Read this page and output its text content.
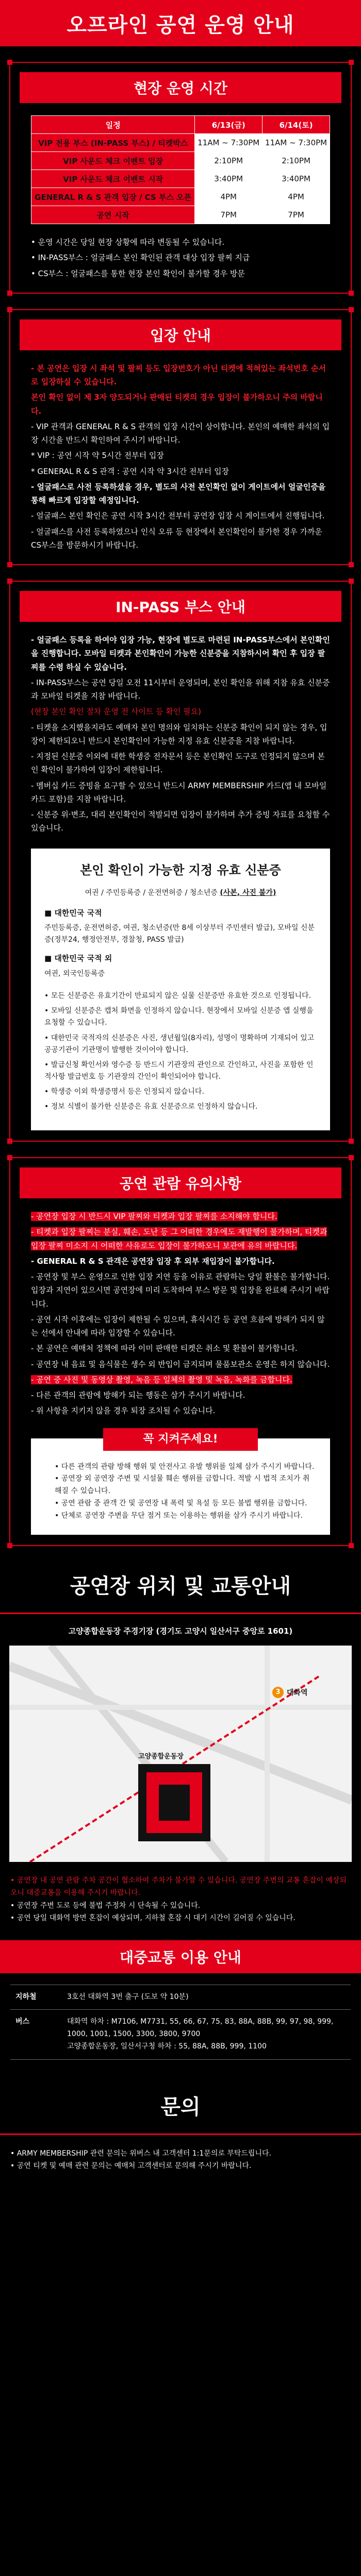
오프라인 공연 운영 안내
현장 운영 시간
일정	6/13(금)	6/14(토)
VIP 전용 부스 (IN-PASS 부스) / 티켓박스	11AM ~ 7:30PM	11AM ~ 7:30PM
VIP 사운드 체크 이벤트 입장	2:10PM	2:10PM
VIP 사운드 체크 이벤트 시작	3:40PM	3:40PM
GENERAL R & S 관객 입장 / CS 부스 오픈	4PM	4PM
공연 시작	7PM	7PM

• 운영 시간은 당일 현장 상황에 따라 변동될 수 있습니다.

• IN-PASS부스 : 얼굴패스 본인 확인된 관객 대상 입장 팔찌 지급

• CS부스 : 얼굴패스를 통한 현장 본인 확인이 불가할 경우 방문

입장 안내

- 본 공연은 입장 시 좌석 및 팔찌 등도 입장번호가 아닌 티켓에 적혀있는 좌석번호 순서로 입장하실 수 있습니다.

본인 확인 없이 제 3자 양도되거나 판매된 티켓의 경우 입장이 불가하오니 주의 바랍니다.

- VIP 관객과 GENERAL R & S 관객의 입장 시간이 상이합니다. 본인의 예매한 좌석의 입장 시간을 반드시 확인하여 주시기 바랍니다.

* VIP : 공연 시작 약 5시간 전부터 입장

* GENERAL R & S 관객 : 공연 시작 약 3시간 전부터 입장

- 얼굴패스로 사전 등록하셨을 경우, 별도의 사전 본인확인 없이 게이트에서 얼굴인증을 통해 빠르게 입장할 예정입니다.

- 얼굴패스 본인 확인은 공연 시작 3시간 전부터 공연장 입장 시 게이트에서 진행됩니다.

- 얼굴패스를 사전 등록하였으나 인식 오류 등 현장에서 본인확인이 불가한 경우 가까운 CS부스를 방문하시기 바랍니다.

IN-PASS 부스 안내

- 얼굴패스 등록을 하여야 입장 가능, 현장에 별도로 마련된 IN-PASS부스에서 본인확인을 진행합니다. 모바일 티켓과 본인확인이 가능한 신분증을 지참하시어 확인 후 입장 팔찌를 수령 하실 수 있습니다.

- IN-PASS부스는 공연 당일 오전 11시부터 운영되며, 본인 확인을 위해 지참 유효 신분증과 모바일 티켓을 지참 바랍니다.

(현장 본인 확인 절차 운영 전 사이트 등 확인 필요)

- 티켓을 소지했을지라도 예매자 본인 명의와 일치하는 신분증 확인이 되지 않는 경우, 입장이 제한되오니 반드시 본인확인이 가능한 지정 유효 신분증을 지참 바랍니다.

- 지정된 신분증 이외에 대한 학생증 전자문서 등은 본인확인 도구로 인정되지 않으며 본인 확인이 불가하여 입장이 제한됩니다.

- 멤버십 카드 증빙을 요구할 수 있으니 반드시 ARMY MEMBERSHIP 카드(앱 내 모바일 카드 포함)를 지참 바랍니다.

- 신분증 위·변조, 대리 본인확인이 적발되면 입장이 불가하며 추가 증빙 자료를 요청할 수 있습니다.

본인 확인이 가능한 지정 유효 신분증
여권 / 주민등록증 / 운전면허증 / 청소년증 (사본, 사진 불가)

■ 대한민국 국적

주민등록증, 운전면허증, 여권, 청소년증(만 8세 이상부터 주민센터 발급), 모바일 신분증(정부24, 행정안전부, 경찰청, PASS 발급)

■ 대한민국 국적 외

여권, 외국인등록증

• 모든 신분증은 유효기간이 만료되지 않은 실물 신분증만 유효한 것으로 인정됩니다.

• 모바일 신분증은 캡처 화면을 인정하지 않습니다. 현장에서 모바일 신분증 앱 실행을 요청할 수 있습니다.

• 대한민국 국적자의 신분증은 사진, 생년월일(8자리), 성명이 명확하며 기재되어 있고 공공기관이 기관명이 발행한 것이어야 합니다.

• 발급신청 확인서와 영수증 등 반드시 기관장의 관인으로 간인하고, 사진을 포함한 인적사항 발급번호 등 기관장의 간인이 확인되어야 합니다.

• 학생증 이외 학생증명서 등은 인정되지 않습니다.

• 정보 식별이 불가한 신분증은 유효 신분증으로 인정하지 않습니다.

공연 관람 유의사항

- 공연장 입장 시 반드시 VIP 팔찌와 티켓과 입장 팔찌를 소지해야 합니다.

- 티켓과 입장 팔찌는 분실, 훼손, 도난 등 그 어떠한 경우에도 재발행이 불가하며, 티켓과 입장 팔찌 미소지 시 어떠한 사유로도 입장이 불가하오니 보관에 유의 바랍니다.

- GENERAL R & S 관객은 공연장 입장 후 외부 재입장이 불가합니다.

- 공연장 및 부스 운영으로 인한 입장 지연 등을 이유로 관람하는 당일 환불은 불가합니다. 입장과 지연이 있으시면 공연장에 미리 도착하여 부스 방문 및 입장을 완료해 주시기 바랍니다.

- 공연 시작 이후에는 입장이 제한될 수 있으며, 휴식시간 등 공연 흐름에 방해가 되지 않는 선에서 안내에 따라 입장할 수 있습니다.

- 본 공연은 예매처 정책에 따라 이미 판매한 티켓은 취소 및 환불이 불가합니다.

- 공연장 내 음료 및 음식물은 생수 외 반입이 금지되며 물품보관소 운영은 하지 않습니다.

- 공연 중 사진 및 동영상 촬영, 녹음 등 일체의 촬영 및 녹음, 녹화를 금합니다.

- 다른 관객의 관람에 방해가 되는 행동은 삼가 주시기 바랍니다.

- 위 사항을 지키지 않을 경우 퇴장 조치될 수 있습니다.

꼭 지켜주세요!
• 다른 관객의 관람 방해 행위 및 안전사고 유발 행위를 일체 삼가 주시기 바랍니다.
• 공연장 외 공연장 주변 및 시설물 훼손 행위를 금합니다. 적발 시 법적 조치가 취해질 수 있습니다.
• 공연 관람 중 관객 간 및 공연장 내 폭력 및 욕설 등 모든 불법 행위를 금합니다.
• 단체로 공연장 주변을 무단 점거 또는 이용하는 행위를 삼가 주시기 바랍니다.
공연장 위치 및 교통안내

고양종합운동장 주경기장 (경기도 고양시 일산서구 중앙로 1601)

3 대화역
고양종합운동장

• 공연장 내 공연 관람 주차 공간이 협소하여 주차가 불가할 수 있습니다. 공연장 주변의 교통 혼잡이 예상되오니 대중교통을 이용해 주시기 바랍니다.

• 공연장 주변 도로 등에 불법 주정차 시 단속될 수 있습니다.

• 공연 당일 대화역 방면 혼잡이 예상되며, 지하철 혼잡 시 대기 시간이 길어질 수 있습니다.

대중교통 이용 안내
지하철	3호선 대화역 3번 출구 (도보 약 10분)
버스	대화역 하차 : M7106, M7731, 55, 66, 67, 75, 83, 88A, 88B, 99, 97, 98, 999, 1000, 1001, 1500, 3300, 3800, 9700
고양종합운동장, 일산서구청 하차 : 55, 88A, 88B, 999, 1100
문의

• ARMY MEMBERSHIP 관련 문의는 위버스 내 고객센터 1:1문의로 부탁드립니다.

• 공연 티켓 및 예매 관련 문의는 예매처 고객센터로 문의해 주시기 바랍니다.
